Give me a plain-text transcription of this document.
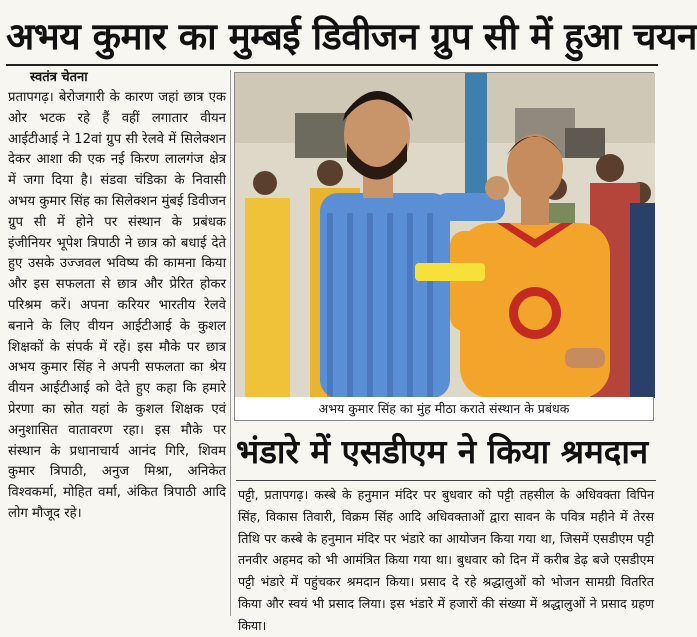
अभय कुमार का मुम्बई डिवीजन ग्रुप सी में हुआ चयन
स्वतंत्र चेतना
प्रतापगढ़। बेरोजगारी के कारण जहां छात्र एक ओर भटक रहे हैं वहीं लगातार वीयन आईटीआई ने 12वां ग्रुप सी रेलवे में सिलेक्शन देकर आशा की एक नई किरण लालगंज क्षेत्र में जगा दिया है। संडवा चंडिका के निवासी अभय कुमार सिंह का सिलेक्शन मुंबई डिवीजन ग्रुप सी में होने पर संस्थान के प्रबंधक इंजीनियर भूपेश त्रिपाठी ने छात्र को बधाई देते हुए उसके उज्जवल भविष्य की कामना किया और इस सफलता से छात्र और प्रेरित होकर परिश्रम करें। अपना करियर भारतीय रेलवे बनाने के लिए वीयन आईटीआई के कुशल शिक्षकों के संपर्क में रहें। इस मौके पर छात्र अभय कुमार सिंह ने अपनी सफलता का श्रेय वीयन आईटीआई को देते हुए कहा कि हमारे प्रेरणा का स्रोत यहां के कुशल शिक्षक एवं अनुशासित वातावरण रहा। इस मौके पर संस्थान के प्रधानाचार्य आनंद गिरि, शिवम कुमार त्रिपाठी, अनुज मिश्रा, अनिकेत विश्वकर्मा, मोहित वर्मा, अंकित त्रिपाठी आदि लोग मौजूद रहे।
अभय कुमार सिंह का मुंह मीठा कराते संस्थान के प्रबंधक
भंडारे में एसडीएम ने किया श्रमदान
पट्टी, प्रतापगढ़। कस्बे के हनुमान मंदिर पर बुधवार को पट्टी तहसील के अधिवक्ता विपिन सिंह, विकास तिवारी, विक्रम सिंह आदि अधिवक्ताओं द्वारा सावन के पवित्र महीने में तेरस तिथि पर कस्बे के हनुमान मंदिर पर भंडारे का आयोजन किया गया था, जिसमें एसडीएम पट्टी तनवीर अहमद को भी आमंत्रित किया गया था। बुधवार को दिन में करीब डेढ़ बजे एसडीएम पट्टी भंडारे में पहुंचकर श्रमदान किया। प्रसाद दे रहे श्रद्धालुओं को भोजन सामग्री वितरित किया और स्वयं भी प्रसाद लिया। इस भंडारे में हजारों की संख्या में श्रद्धालुओं ने प्रसाद ग्रहण किया।
